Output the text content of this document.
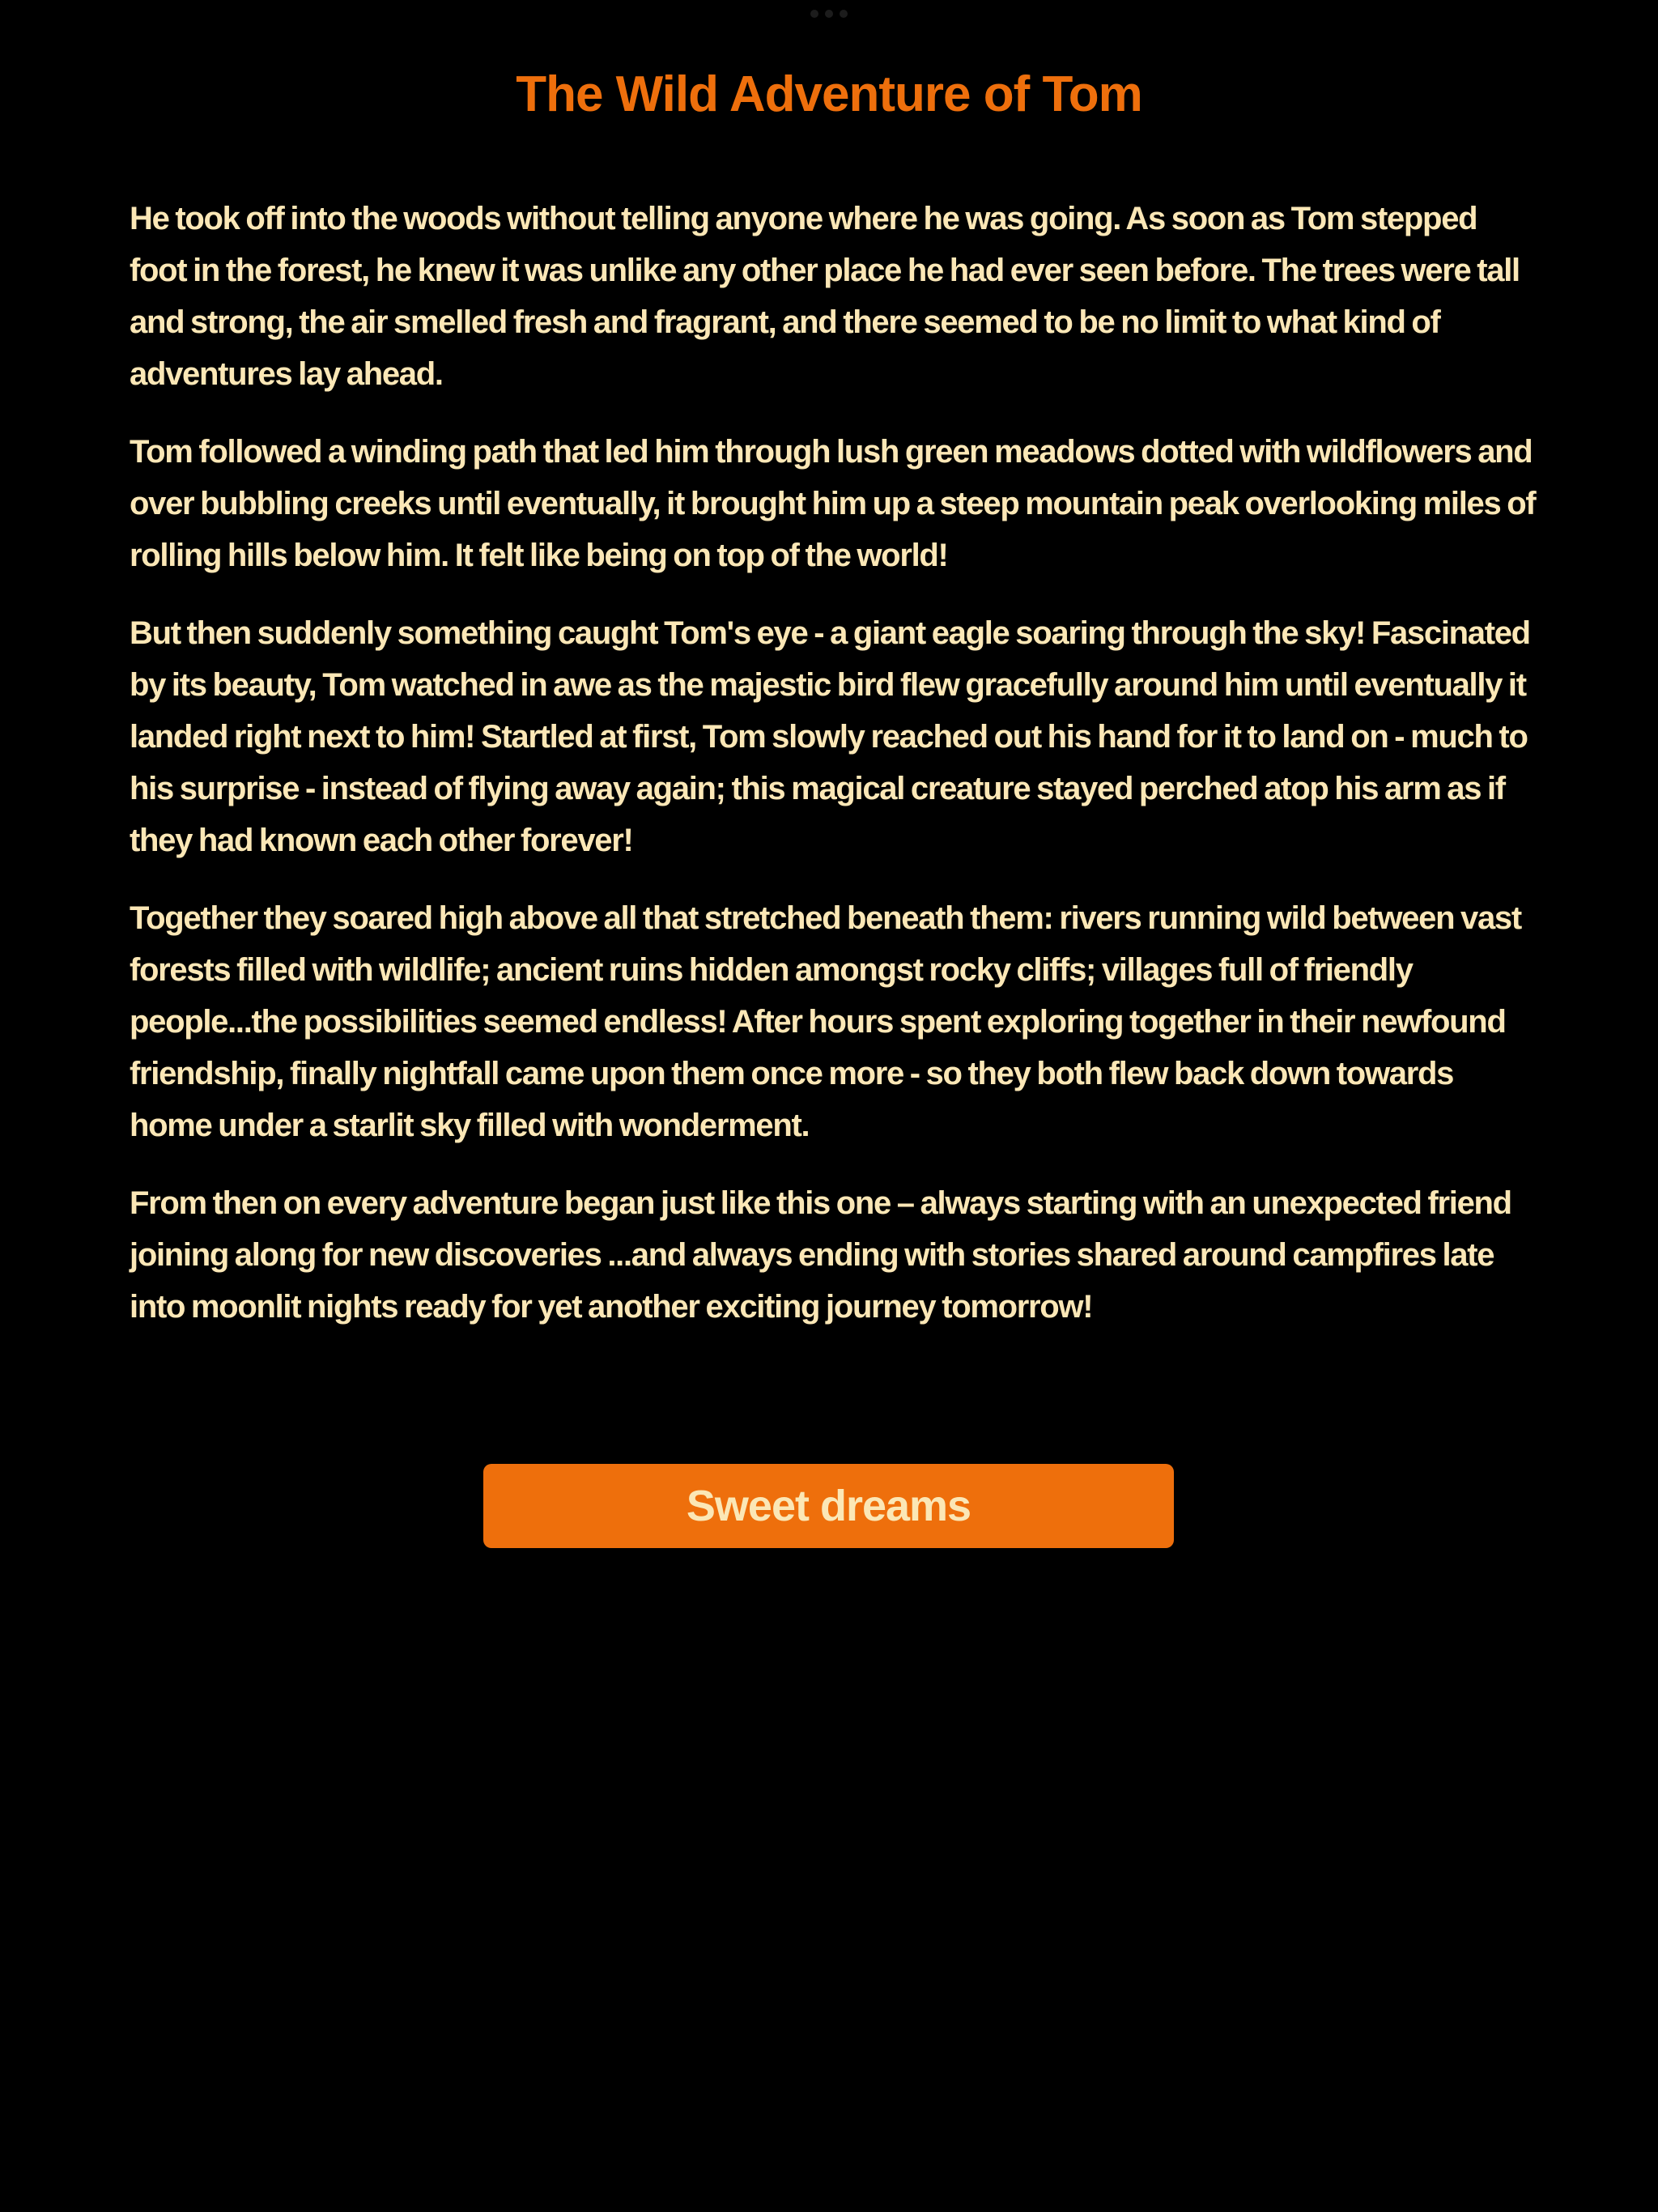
The Wild Adventure of Tom

He took off into the woods without telling anyone where he was going. As soon as Tom stepped foot in the forest, he knew it was unlike any other place he had ever seen before. The trees were tall and strong, the air smelled fresh and fragrant, and there seemed to be no limit to what kind of adventures lay ahead.

Tom followed a winding path that led him through lush green meadows dotted with wildflowers and over bubbling creeks until eventually, it brought him up a steep mountain peak overlooking miles of rolling hills below him. It felt like being on top of the world!

But then suddenly something caught Tom's eye - a giant eagle soaring through the sky! Fascinated by its beauty, Tom watched in awe as the majestic bird flew gracefully around him until eventually it landed right next to him! Startled at first, Tom slowly reached out his hand for it to land on - much to his surprise - instead of flying away again; this magical creature stayed perched atop his arm as if they had known each other forever!

Together they soared high above all that stretched beneath them: rivers running wild between vast forests filled with wildlife; ancient ruins hidden amongst rocky cliffs; villages full of friendly people...the possibilities seemed endless! After hours spent exploring together in their newfound friendship, finally nightfall came upon them once more - so they both flew back down towards home under a starlit sky filled with wonderment.

From then on every adventure began just like this one – always starting with an unexpected friend joining along for new discoveries ...and always ending with stories shared around campfires late into moonlit nights ready for yet another exciting journey tomorrow!

Sweet dreams
